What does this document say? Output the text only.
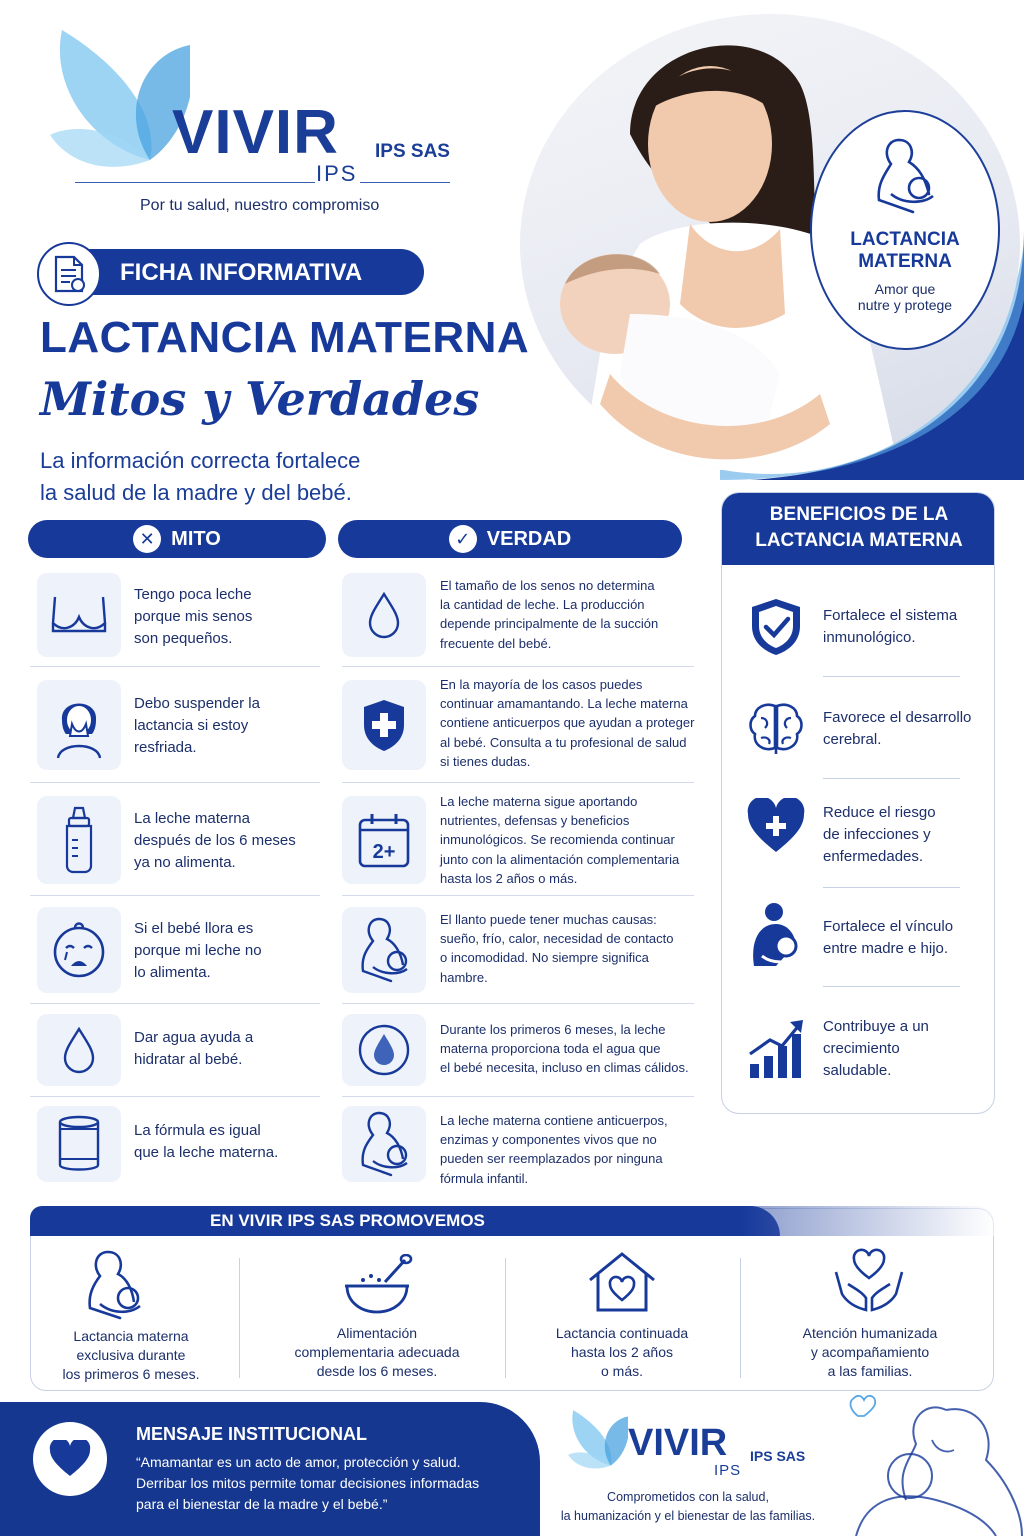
VIVIR
IPS
IPS SAS
Por tu salud, nuestro compromiso
FICHA INFORMATIVA
LACTANCIA MATERNA
Mitos y Verdades
La información correcta fortalece
la salud de la madre y del bebé.
LACTANCIA
MATERNA
Amor que
nutre y protege
✕ MITO	✓ VERDAD
Tengo poca leche
porque mis senos
son pequeños.
El tamaño de los senos no determina
la cantidad de leche. La producción
depende principalmente de la succión
frecuente del bebé.
Debo suspender la
lactancia si estoy
resfriada.
En la mayoría de los casos puedes
continuar amamantando. La leche materna
contiene anticuerpos que ayudan a proteger
al bebé. Consulta a tu profesional de salud
si tienes dudas.
La leche materna
después de los 6 meses
ya no alimenta.	2+
La leche materna sigue aportando
nutrientes, defensas y beneficios
inmunológicos. Se recomienda continuar
junto con la alimentación complementaria
hasta los 2 años o más.
Si el bebé llora es
porque mi leche no
lo alimenta.
El llanto puede tener muchas causas:
sueño, frío, calor, necesidad de contacto
o incomodidad. No siempre significa
hambre.
Dar agua ayuda a
hidratar al bebé.
Durante los primeros 6 meses, la leche
materna proporciona toda el agua que
el bebé necesita, incluso en climas cálidos.
La fórmula es igual
que la leche materna.
La leche materna contiene anticuerpos,
enzimas y componentes vivos que no
pueden ser reemplazados por ninguna
fórmula infantil.
BENEFICIOS DE LA
LACTANCIA MATERNA
Fortalece el sistema
inmunológico.
Favorece el desarrollo
cerebral.
Reduce el riesgo
de infecciones y
enfermedades.
Fortalece el vínculo
entre madre e hijo.
Contribuye a un
crecimiento
saludable.
EN VIVIR IPS SAS PROMOVEMOS
Lactancia materna
exclusiva durante
los primeros 6 meses.
Alimentación
complementaria adecuada
desde los 6 meses.
Lactancia continuada
hasta los 2 años
o más.
Atención humanizada
y acompañamiento
a las familias.
MENSAJE INSTITUCIONAL
“Amamantar es un acto de amor, protección y salud.
Derribar los mitos permite tomar decisiones informadas
para el bienestar de la madre y el bebé.”
VIVIR
IPS
IPS SAS
Comprometidos con la salud,
la humanización y el bienestar de las familias.
